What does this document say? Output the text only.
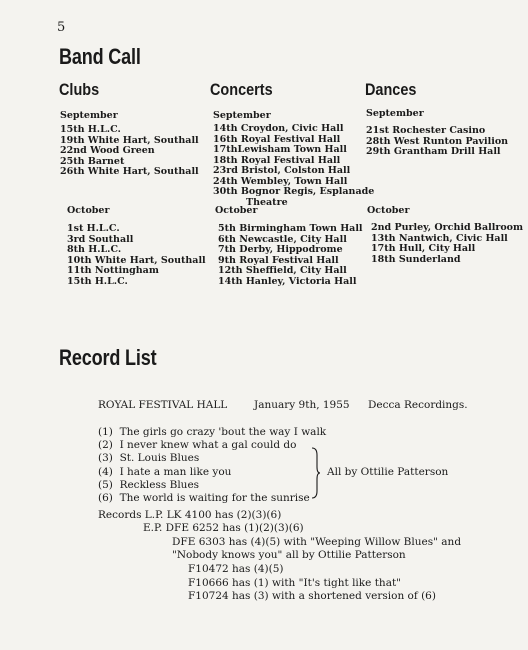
5
Band Call
Clubs
September
15th H.L.C.
19th White Hart, Southall
22nd Wood Green
25th Barnet
26th White Hart, Southall
October
1st H.L.C.
3rd Southall
8th H.L.C.
10th White Hart, Southall
11th Nottingham
15th H.L.C.
Concerts
September
14th Croydon, Civic Hall
16th Royal Festival Hall
17thLewisham Town Hall
18th Royal Festival Hall
23rd Bristol, Colston Hall
24th Wembley, Town Hall
30th Bognor Regis, Esplanade
Theatre
October
5th Birmingham Town Hall
6th Newcastle, City Hall
7th Derby, Hippodrome
9th Royal Festival Hall
12th Sheffield, City Hall
14th Hanley, Victoria Hall
Dances
September
21st Rochester Casino
28th West Runton Pavilion
29th Grantham Drill Hall
October
2nd Purley, Orchid Ballroom
13th Nantwich, Civic Hall
17th Hull, City Hall
18th Sunderland
Record List
ROYAL FESTIVAL HALL	January 9th, 1955 Decca Recordings.
(1) The girls go crazy 'bout the way I walk
(2) I never knew what a gal could do
(3) St. Louis Blues
(4) I hate a man like you
(5) Reckless Blues
(6) The world is waiting for the sunrise
All by Ottilie Patterson
Records L.P. LK 4100 has (2)(3)(6)
E.P. DFE 6252 has (1)(2)(3)(6)
DFE 6303 has (4)(5) with "Weeping Willow Blues" and
"Nobody knows you" all by Ottilie Patterson
F10472 has (4)(5)
F10666 has (1) with "It's tight like that"
F10724 has (3) with a shortened version of (6)
